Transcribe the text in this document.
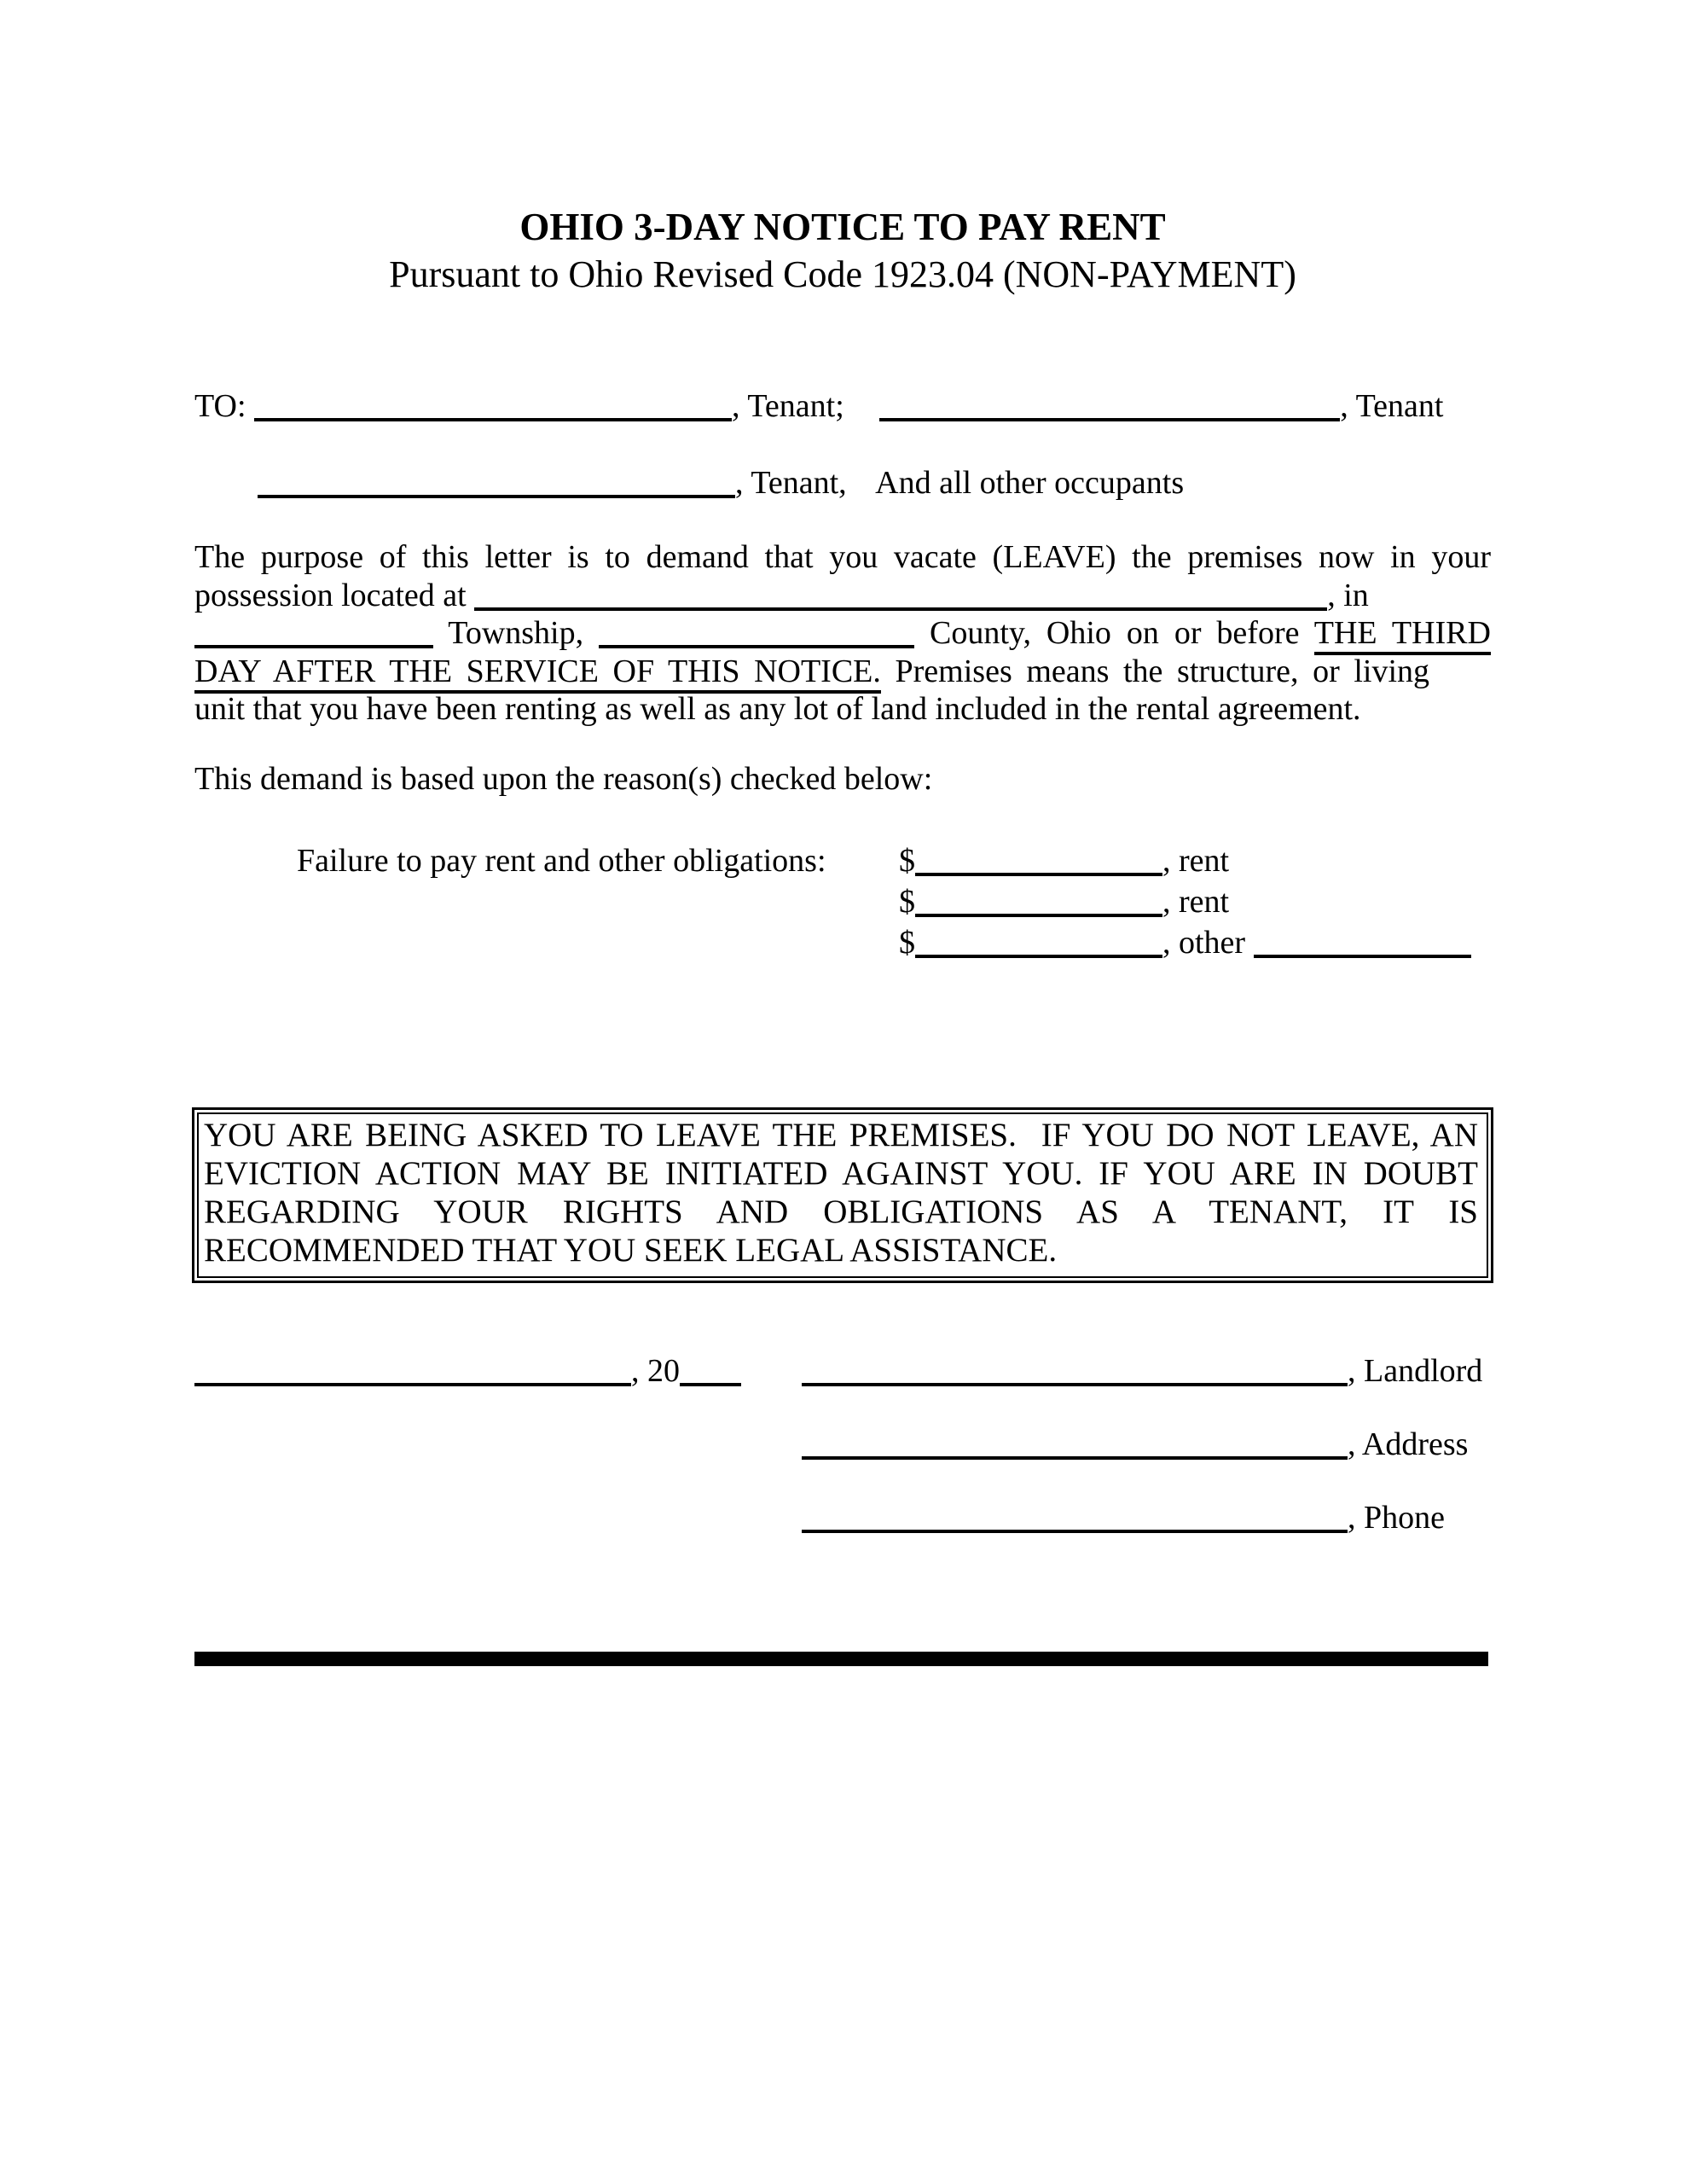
OHIO 3-DAY NOTICE TO PAY RENT
Pursuant to Ohio Revised Code 1923.04 (NON-PAYMENT)
TO:	, Tenant;	, Tenant
, Tenant, And all other occupants
The purpose of this letter is to demand that you vacate (LEAVE) the premises now in your
possession located at	, in
Township,	County, Ohio on or before THE THIRD
DAY AFTER THE SERVICE OF THIS NOTICE. Premises means the structure, or living
unit that you have been renting as well as any lot of land included in the rental agreement.
This demand is based upon the reason(s) checked below:
Failure to pay rent and other obligations: $	, rent
$	, rent
$	, other
YOU ARE BEING ASKED TO LEAVE THE PREMISES.  IF YOU DO NOT LEAVE, AN
EVICTION ACTION MAY BE INITIATED AGAINST YOU. IF YOU ARE IN DOUBT
REGARDING YOUR RIGHTS AND OBLIGATIONS AS A TENANT, IT IS
RECOMMENDED THAT YOU SEEK LEGAL ASSISTANCE.
, 20	, Landlord
, Address
, Phone
